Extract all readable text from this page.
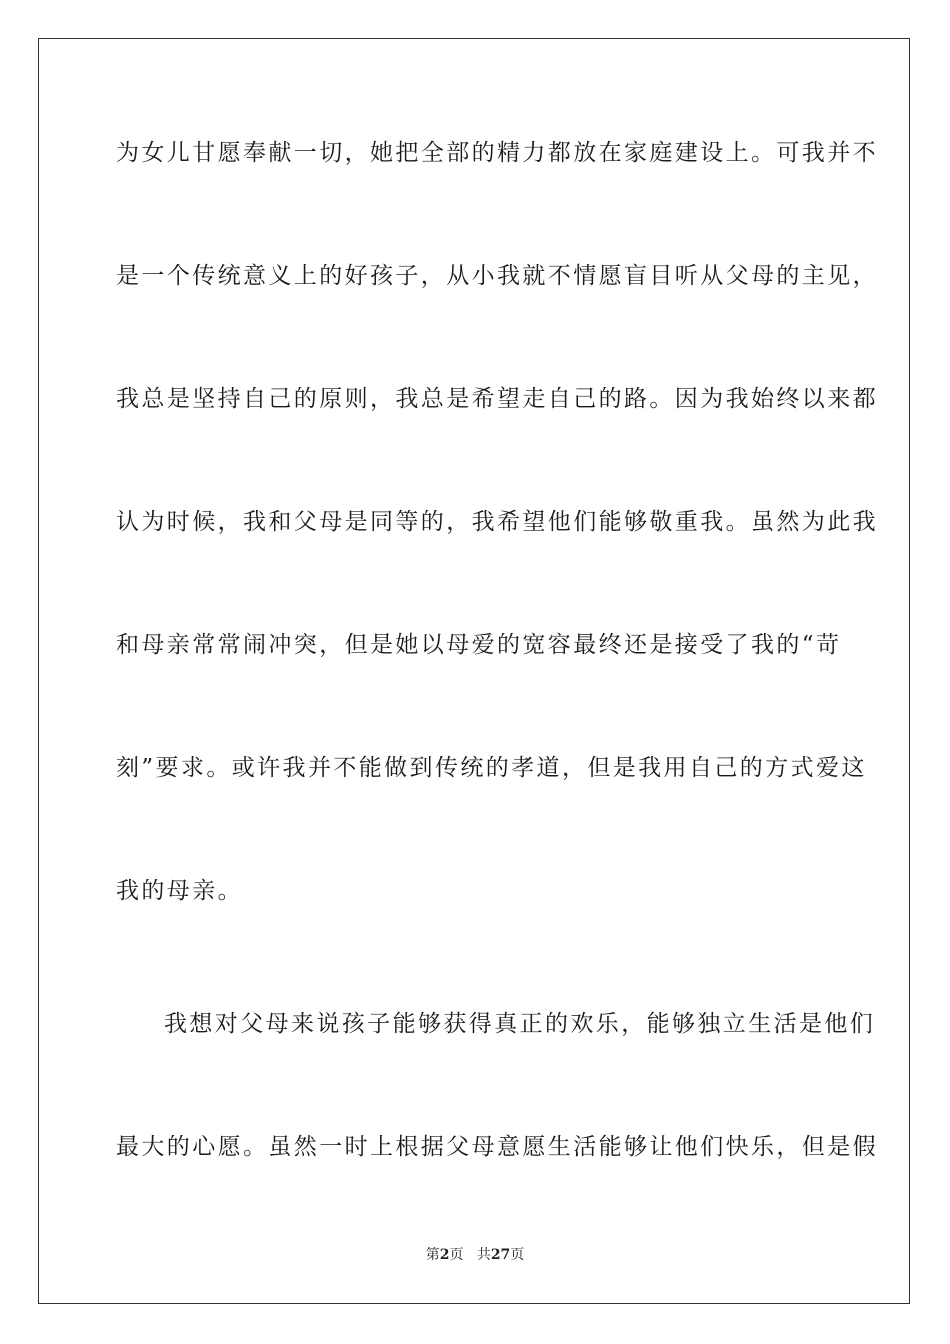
为女儿甘愿奉献一切，她把全部的精力都放在家庭建设上。可我并不
是一个传统意义上的好孩子，从小我就不情愿盲目听从父母的主见，
我总是坚持自己的原则，我总是希望走自己的路。因为我始终以来都
认为时候，我和父母是同等的，我希望他们能够敬重我。虽然为此我
和母亲常常闹冲突，但是她以母爱的宽容最终还是接受了我的“苛
刻”要求。或许我并不能做到传统的孝道，但是我用自己的方式爱这
我的母亲。
我想对父母来说孩子能够获得真正的欢乐，能够独立生活是他们
最大的心愿。虽然一时上根据父母意愿生活能够让他们快乐，但是假
第2页 共27页
